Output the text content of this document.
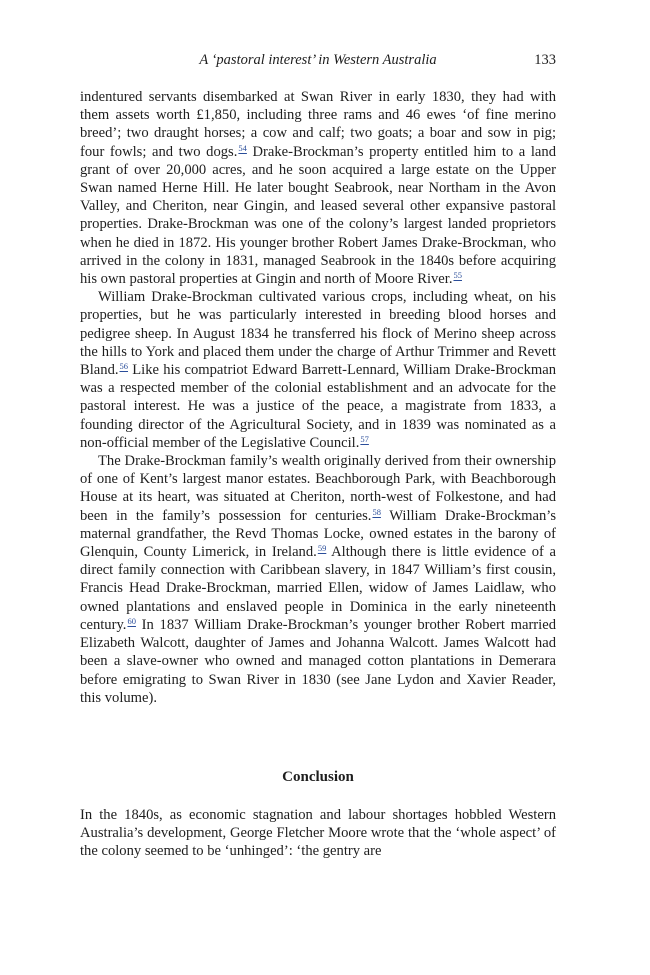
A ‘pastoral interest’ in Western Australia	133

indentured servants disembarked at Swan River in early 1830, they had with them assets worth £1,850, including three rams and 46 ewes ‘of fine merino breed’; two draught horses; a cow and calf; two goats; a boar and sow in pig; four fowls; and two dogs.$^{54}$ Drake-Brockman’s property entitled him to a land grant of over 20,000 acres, and he soon acquired a large estate on the Upper Swan named Herne Hill. He later bought Seabrook, near Northam in the Avon Valley, and Cheriton, near Gingin, and leased several other expansive pastoral properties. Drake-Brockman was one of the colony’s largest landed proprietors when he died in 1872. His younger brother Robert James Drake-Brockman, who arrived in the colony in 1831, managed Seabrook in the 1840s before acquiring his own pastoral properties at Gingin and north of Moore River.$^{55}$

William Drake-Brockman cultivated various crops, including wheat, on his properties, but he was particularly interested in breeding blood horses and pedigree sheep. In August 1834 he transferred his flock of Merino sheep across the hills to York and placed them under the charge of Arthur Trimmer and Revett Bland.$^{56}$ Like his compatriot Edward Barrett-Lennard, William Drake-Brockman was a respected member of the colonial establishment and an advocate for the pastoral interest. He was a justice of the peace, a magistrate from 1833, a founding director of the Agricultural Society, and in 1839 was nominated as a non-official member of the Legislative Council.$^{57}$

The Drake-Brockman family’s wealth originally derived from their ownership of one of Kent’s largest manor estates. Beachborough Park, with Beachborough House at its heart, was situated at Cheriton, north-west of Folkestone, and had been in the family’s possession for centuries.$^{58}$ William Drake-Brockman’s maternal grandfather, the Revd Thomas Locke, owned estates in the barony of Glenquin, County Limerick, in Ireland.$^{59}$ Although there is little evidence of a direct family connection with Caribbean slavery, in 1847 William’s first cousin, Francis Head Drake-Brockman, married Ellen, widow of James Laidlaw, who owned plantations and enslaved people in Dominica in the early nineteenth century.$^{60}$ In 1837 William Drake-Brockman’s younger brother Robert married Elizabeth Walcott, daughter of James and Johanna Walcott. James Walcott had been a slave-owner who owned and managed cotton plantations in Demerara before emigrating to Swan River in 1830 (see Jane Lydon and Xavier Reader, this volume).

Conclusion

In the 1840s, as economic stagnation and labour shortages hobbled Western Australia’s development, George Fletcher Moore wrote that the ‘whole aspect’ of the colony seemed to be ‘unhinged’: ‘the gentry are
